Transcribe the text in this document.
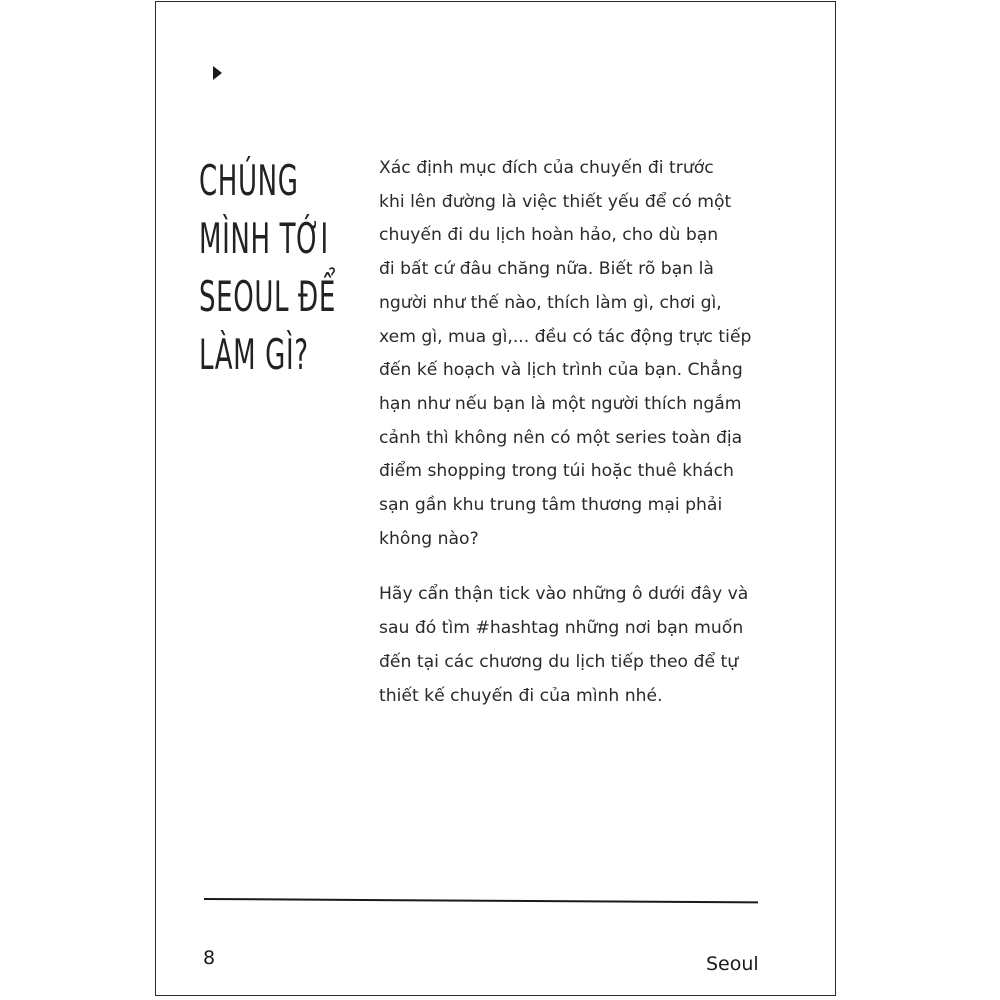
CHÚNG
MÌNH TỚI
SEOUL ĐỂ
LÀM GÌ?
Xác định mục đích của chuyến đi trước
khi lên đường là việc thiết yếu để có một
chuyến đi du lịch hoàn hảo, cho dù bạn
đi bất cứ đâu chăng nữa. Biết rõ bạn là
người như thế nào, thích làm gì, chơi gì,
xem gì, mua gì,... đều có tác động trực tiếp
đến kế hoạch và lịch trình của bạn. Chẳng
hạn như nếu bạn là một người thích ngắm
cảnh thì không nên có một series toàn địa
điểm shopping trong túi hoặc thuê khách
sạn gần khu trung tâm thương mại phải
không nào?
Hãy cẩn thận tick vào những ô dưới đây và
sau đó tìm #hashtag những nơi bạn muốn
đến tại các chương du lịch tiếp theo để tự
thiết kế chuyến đi của mình nhé.
8	Seoul
